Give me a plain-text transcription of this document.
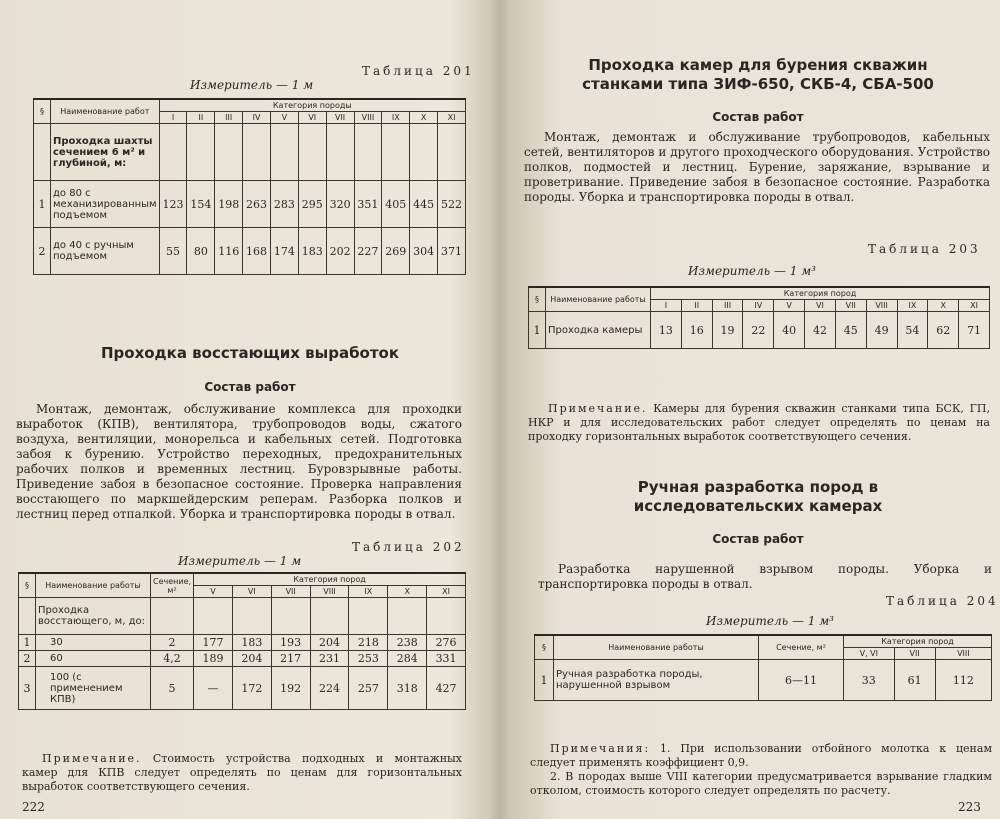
Таблица 201
Измеритель — 1 м
§	Наименование работ	Категория породы										
		I	II	III	IV	V	VI	VII	VIII	IX	X	XI
	Проходка шахты сечением 6 м² и глубиной, м:											
1	до 80 с механизированным подъемом	123	154	198	263	283	295	320	351	405	445	522
2	до 40 с ручным подъемом	55	80	116	168	174	183	202	227	269	304	371
Проходка восстающих выработок
Состав работ

Монтаж, демонтаж, обслуживание комплекса для проходки выработок (КПВ), вентилятора, трубопроводов воды, сжатого воздуха, вентиляции, монорельса и кабельных сетей. Подготовка забоя к бурению. Устройство переходных, предохранительных рабочих полков и временных лестниц. Буровзрывные работы. Приведение забоя в безопасное состояние. Проверка направления восстающего по маркшейдерским реперам. Разборка полков и лестниц перед отпалкой. Уборка и транспортировка породы в отвал.

Таблица 202
Измеритель — 1 м
§	Наименование работы	Сечение, м²	Категория пород						
			V	VI	VII	VIII	IX	X	XI
	Проходка восстающего, м, до:								
1	30	2	177	183	193	204	218	238	276
2	60	4,2	189	204	217	231	253	284	331
3	100 (с применением КПВ)	5	—	172	192	224	257	318	427

Примечание. Стоимость устройства подходных и монтажных камер для КПВ следует определять по ценам для горизонтальных выработок соответствующего сечения.

222
Проходка камер для бурения скважин станками типа ЗИФ-650, СКБ-4, СБА-500
Состав работ

Монтаж, демонтаж и обслуживание трубопроводов, кабельных сетей, вентиляторов и другого проходческого оборудования. Устройство полков, подмостей и лестниц. Бурение, заряжание, взрывание и проветривание. Приведение забоя в безопасное состояние. Разработка породы. Уборка и транспортировка породы в отвал.

Таблица 203
Измеритель — 1 м³
§	Наименование работы	Категория пород										
		I	II	III	IV	V	VI	VII	VIII	IX	X	XI
1	Проходка камеры	13	16	19	22	40	42	45	49	54	62	71

Примечание. Камеры для бурения скважин станками типа БСК, ГП, НКР и для исследовательских работ следует определять по ценам на проходку горизонтальных выработок соответствующего сечения.

Ручная разработка пород в исследовательских камерах
Состав работ

Разработка нарушенной взрывом породы. Уборка и транспортировка породы в отвал.

Таблица 204
Измеритель — 1 м³
§	Наименование работы	Сечение, м²	Категория пород		
			V, VI	VII	VIII
1	Ручная разработка породы, нарушенной взрывом	6—11	33	61	112

Примечания: 1. При использовании отбойного молотка к ценам следует применять коэффициент 0,9.

2. В породах выше VIII категории предусматривается взрывание гладким отколом, стоимость которого следует определять по расчету.

223
